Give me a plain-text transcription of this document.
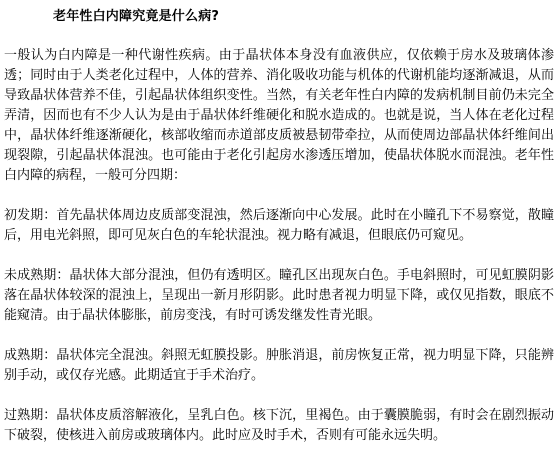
老年性白内障究竟是什么病?

一般认为白内障是一种代谢性疾病。由于晶状体本身没有血液供应，仅依赖于房水及玻璃体渗透；同时由于人类老化过程中，人体的营养、消化吸收功能与机体的代谢机能均逐渐减退，从而导致晶状体营养不佳，引起晶状体组织变性。当然，有关老年性白内障的发病机制目前仍未完全弄清，因而也有不少人认为是由于晶状体纤维硬化和脱水造成的。也就是说，当人体在老化过程中，晶状体纤维逐渐硬化，核部收缩而赤道部皮质被悬韧带牵拉，从而使周边部晶状体纤维间出现裂隙，引起晶状体混浊。也可能由于老化引起房水渗透压增加，使晶状体脱水而混浊。老年性白内障的病程，一般可分四期：

初发期：首先晶状体周边皮质部变混浊，然后逐渐向中心发展。此时在小瞳孔下不易察觉，散瞳后，用电光斜照，即可见灰白色的车轮状混浊。视力略有减退，但眼底仍可窥见。

未成熟期：晶状体大部分混浊，但仍有透明区。瞳孔区出现灰白色。手电斜照时，可见虹膜阴影落在晶状体较深的混浊上，呈现出一新月形阴影。此时患者视力明显下降，或仅见指数，眼底不能窥清。由于晶状体膨胀，前房变浅，有时可诱发继发性青光眼。

成熟期：晶状体完全混浊。斜照无虹膜投影。肿胀消退，前房恢复正常，视力明显下降，只能辨别手动，或仅存光感。此期适宜于手术治疗。

过熟期：晶状体皮质溶解液化，呈乳白色。核下沉，里褐色。由于囊膜脆弱，有时会在剧烈振动下破裂，使核进入前房或玻璃体内。此时应及时手术，否则有可能永远失明。
